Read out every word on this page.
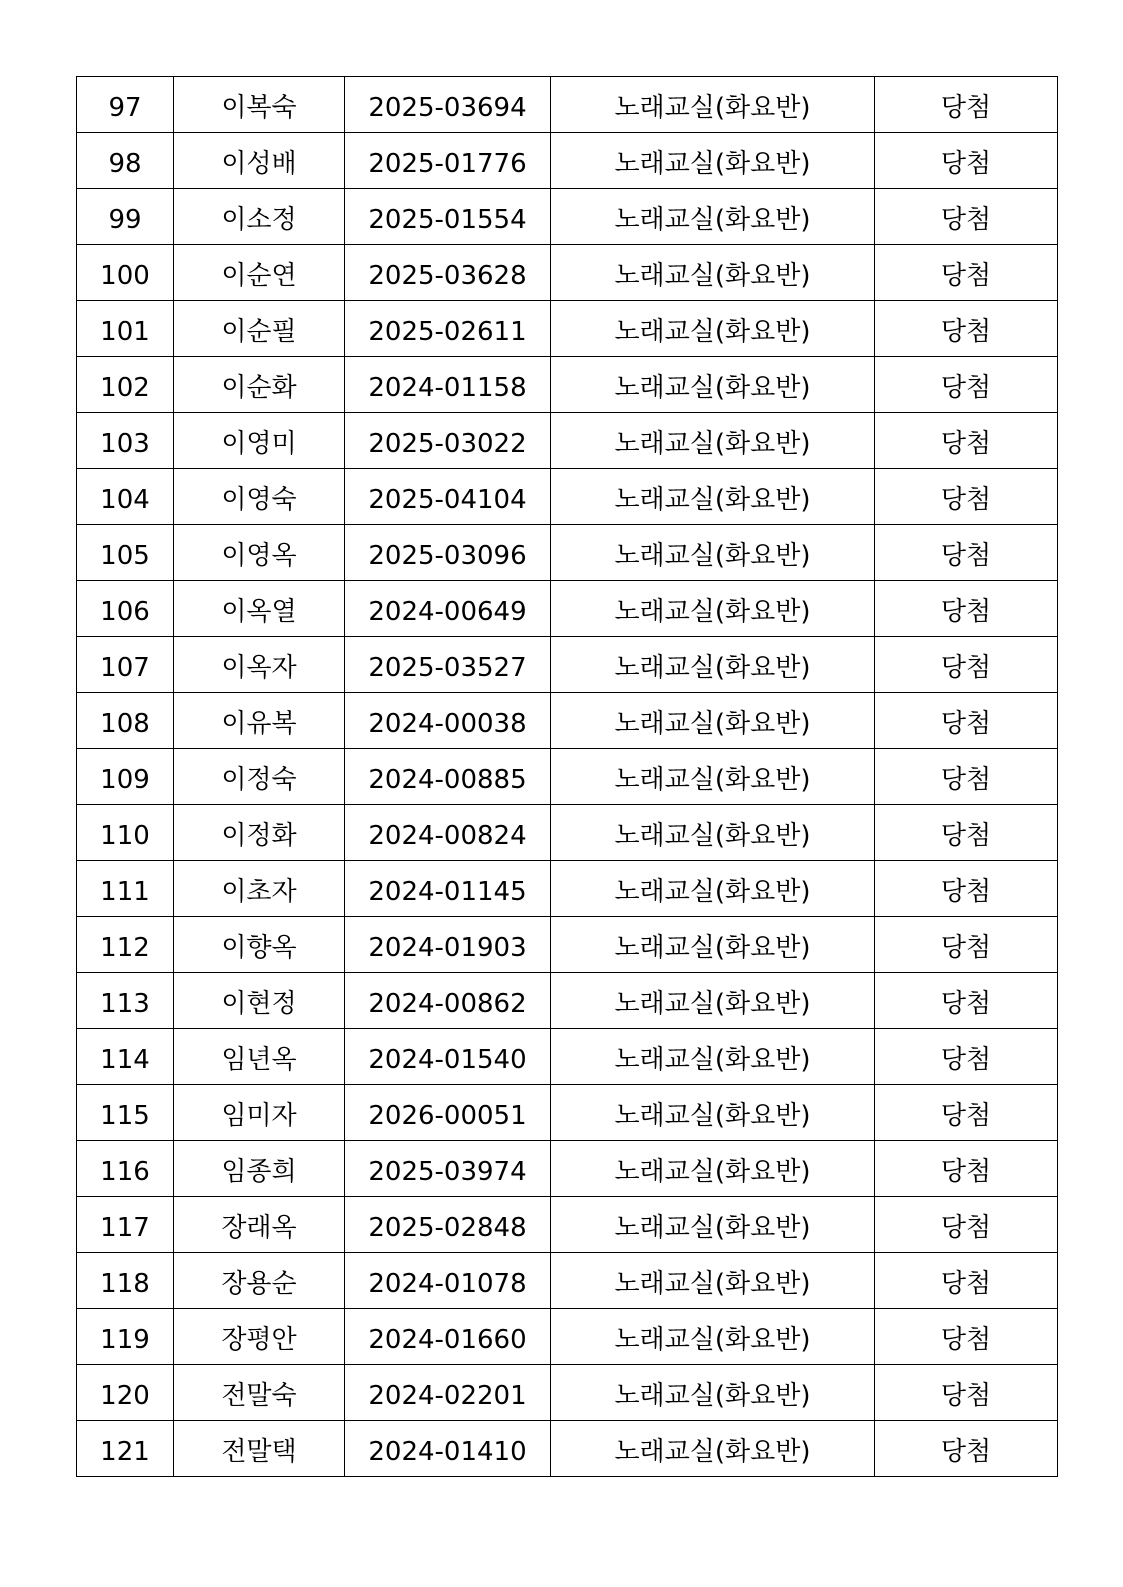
97	이복숙	2025-03694	노래교실(화요반)	당첨
98	이성배	2025-01776	노래교실(화요반)	당첨
99	이소정	2025-01554	노래교실(화요반)	당첨
100	이순연	2025-03628	노래교실(화요반)	당첨
101	이순필	2025-02611	노래교실(화요반)	당첨
102	이순화	2024-01158	노래교실(화요반)	당첨
103	이영미	2025-03022	노래교실(화요반)	당첨
104	이영숙	2025-04104	노래교실(화요반)	당첨
105	이영옥	2025-03096	노래교실(화요반)	당첨
106	이옥열	2024-00649	노래교실(화요반)	당첨
107	이옥자	2025-03527	노래교실(화요반)	당첨
108	이유복	2024-00038	노래교실(화요반)	당첨
109	이정숙	2024-00885	노래교실(화요반)	당첨
110	이정화	2024-00824	노래교실(화요반)	당첨
111	이초자	2024-01145	노래교실(화요반)	당첨
112	이향옥	2024-01903	노래교실(화요반)	당첨
113	이현정	2024-00862	노래교실(화요반)	당첨
114	임년옥	2024-01540	노래교실(화요반)	당첨
115	임미자	2026-00051	노래교실(화요반)	당첨
116	임종희	2025-03974	노래교실(화요반)	당첨
117	장래옥	2025-02848	노래교실(화요반)	당첨
118	장용순	2024-01078	노래교실(화요반)	당첨
119	장평안	2024-01660	노래교실(화요반)	당첨
120	전말숙	2024-02201	노래교실(화요반)	당첨
121	전말택	2024-01410	노래교실(화요반)	당첨
